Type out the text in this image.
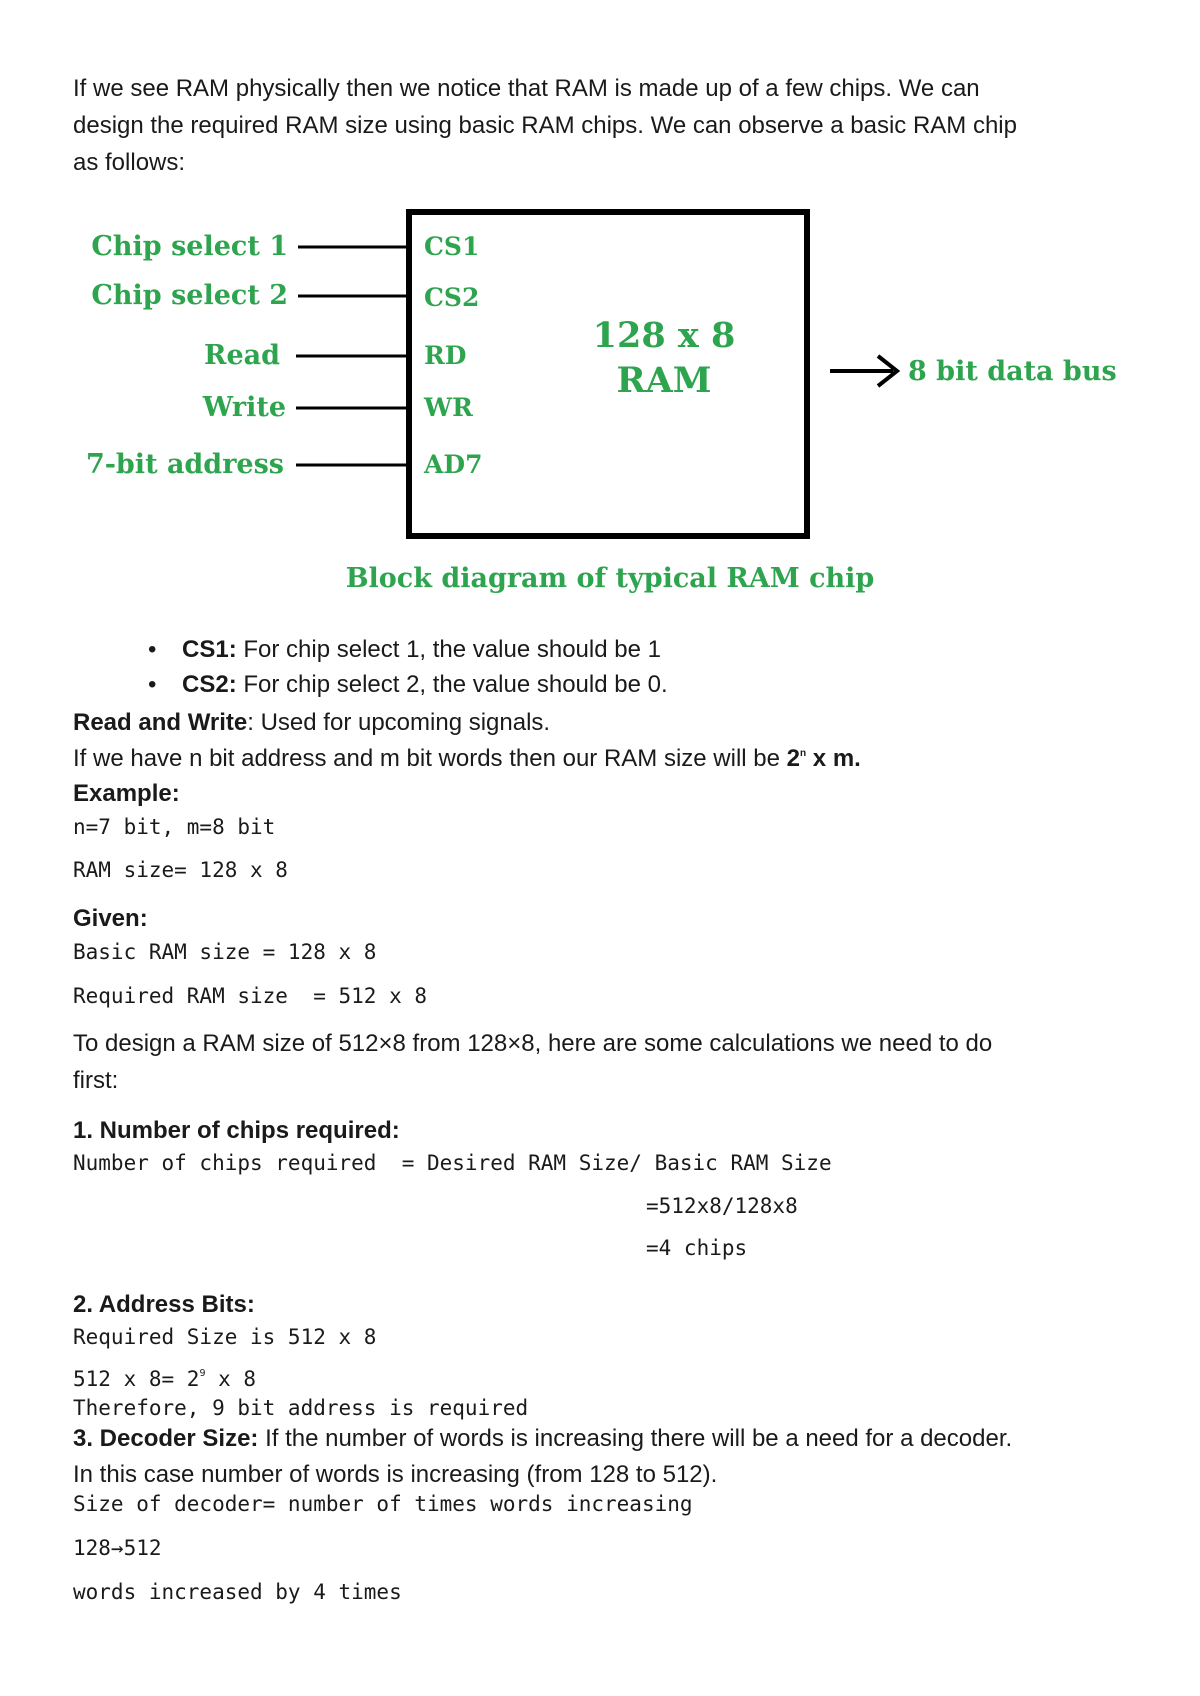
If we see RAM physically then we notice that RAM is made up of a few chips. We can
design the required RAM size using basic RAM chips. We can observe a basic RAM chip
as follows:
Chip select 1
Chip select 2
Read
Write
7-bit address
CS1
CS2
RD
WR
AD7
128 x 8
RAM	8 bit data bus
Block diagram of typical RAM chip
• CS1: For chip select 1, the value should be 1
• CS2: For chip select 2, the value should be 0.
Read and Write: Used for upcoming signals.
If we have n bit address and m bit words then our RAM size will be 2$^n$ x m.
Example:
n=7 bit, m=8 bit
RAM size= 128 x 8
Given:
Basic RAM size = 128 x 8
Required RAM size  = 512 x 8
To design a RAM size of 512×8 from 128×8, here are some calculations we need to do
first:
1. Number of chips required:
Number of chips required  = Desired RAM Size/ Basic RAM Size
=512x8/128x8
=4 chips
2. Address Bits:
Required Size is 512 x 8
512 x $8= 2^9$ x 8
Therefore, 9 bit address is required
3. Decoder Size: If the number of words is increasing there will be a need for a decoder.
In this case number of words is increasing (from 128 to 512).
Size of decoder= number of times words increasing
128→512
words increased by 4 times
